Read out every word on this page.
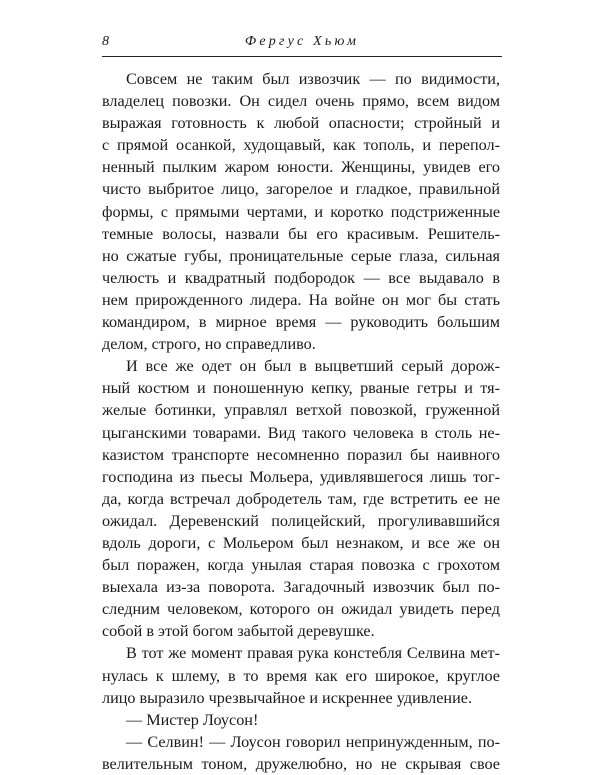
8	Фергус Хьюм
Совсем не таким был извозчик — по видимости,
владелец повозки. Он сидел очень прямо, всем видом
выражая готовность к любой опасности; стройный и
с прямой осанкой, худощавый, как тополь, и перепол-
ненный пылким жаром юности. Женщины, увидев его
чисто выбритое лицо, загорелое и гладкое, правильной
формы, с прямыми чертами, и коротко подстриженные
темные волосы, назвали бы его красивым. Решитель-
но сжатые губы, проницательные серые глаза, сильная
челюсть и квадратный подбородок — все выдавало в
нем прирожденного лидера. На войне он мог бы стать
командиром, в мирное время — руководить большим
делом, строго, но справедливо.
И все же одет он был в выцветший серый дорож-
ный костюм и поношенную кепку, рваные гетры и тя-
желые ботинки, управлял ветхой повозкой, груженной
цыганскими товарами. Вид такого человека в столь не-
казистом транспорте несомненно поразил бы наивного
господина из пьесы Мольера, удивлявшегося лишь тог-
да, когда встречал добродетель там, где встретить ее не
ожидал. Деревенский полицейский, прогуливавшийся
вдоль дороги, с Мольером был незнаком, и все же он
был поражен, когда унылая старая повозка с грохотом
выехала из-за поворота. Загадочный извозчик был по-
следним человеком, которого он ожидал увидеть перед
собой в этой богом забытой деревушке.
В тот же момент правая рука констебля Селвина мет-
нулась к шлему, в то время как его широкое, круглое
лицо выразило чрезвычайное и искреннее удивление.
— Мистер Лоусон!
— Селвин! — Лоусон говорил непринужденным, по-
велительным тоном, дружелюбно, но не скрывая свое
